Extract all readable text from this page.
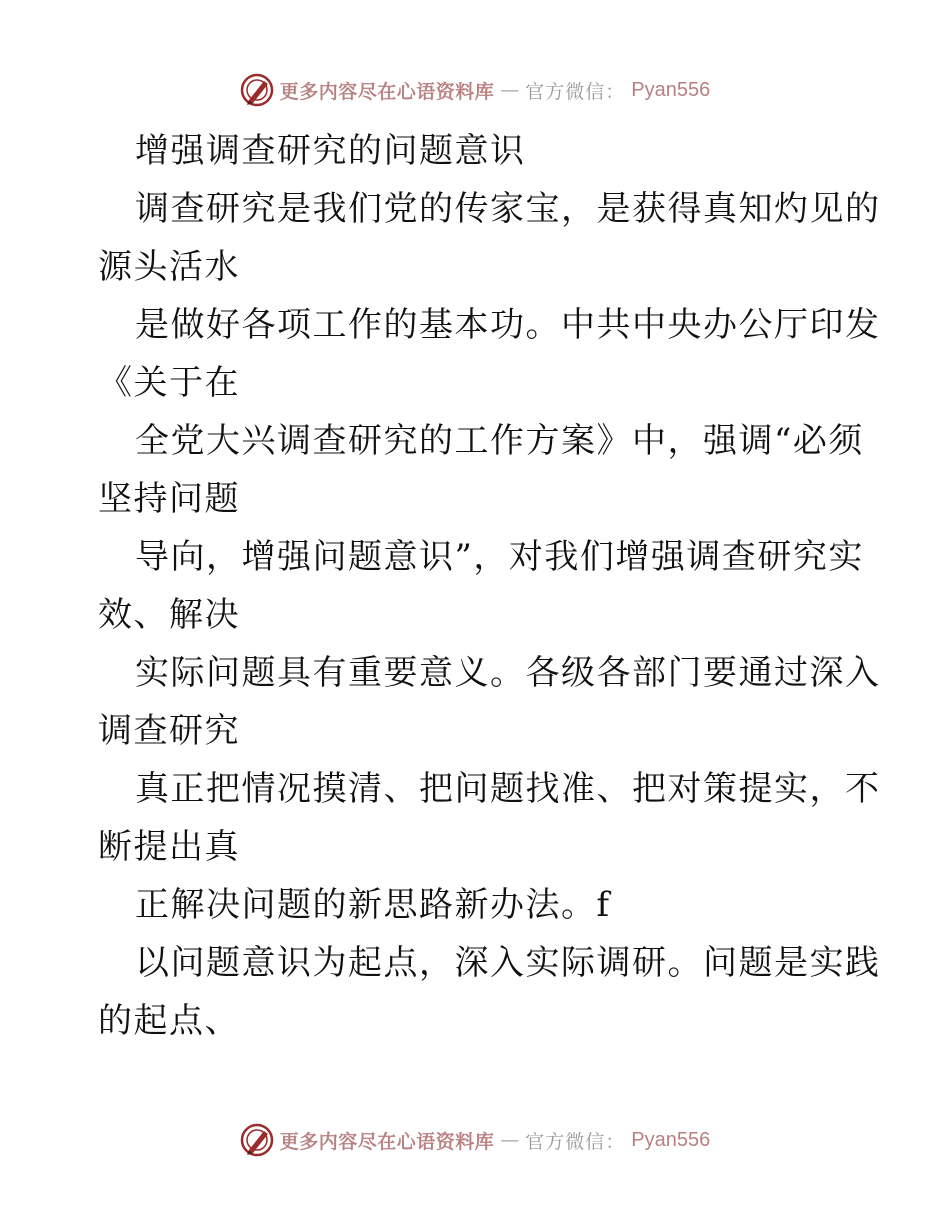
更多内容尽在心语资料库 — 官方微信： Pyan556
增强调查研究的问题意识
调查研究是我们党的传家宝，是获得真知灼见的
源头活水
是做好各项工作的基本功。中共中央办公厅印发
《关于在
全党大兴调查研究的工作方案》中，强调“必须
坚持问题
导向，增强问题意识”，对我们增强调查研究实
效、解决
实际问题具有重要意义。各级各部门要通过深入
调查研究
真正把情况摸清、把问题找准、把对策提实，不
断提出真
正解决问题的新思路新办法。f
以问题意识为起点，深入实际调研。问题是实践
的起点、
更多内容尽在心语资料库 — 官方微信： Pyan556
